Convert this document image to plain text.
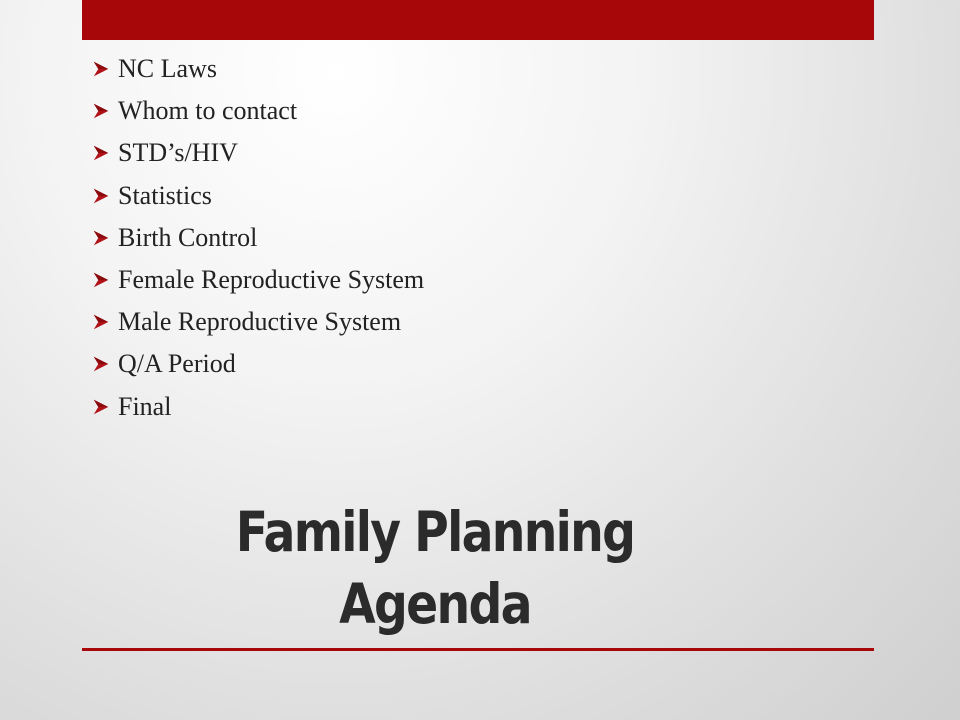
NC Laws
Whom to contact
STD’s/HIV
Statistics
Birth Control
Female Reproductive System
Male Reproductive System
Q/A Period
Final
Family Planning
Agenda
